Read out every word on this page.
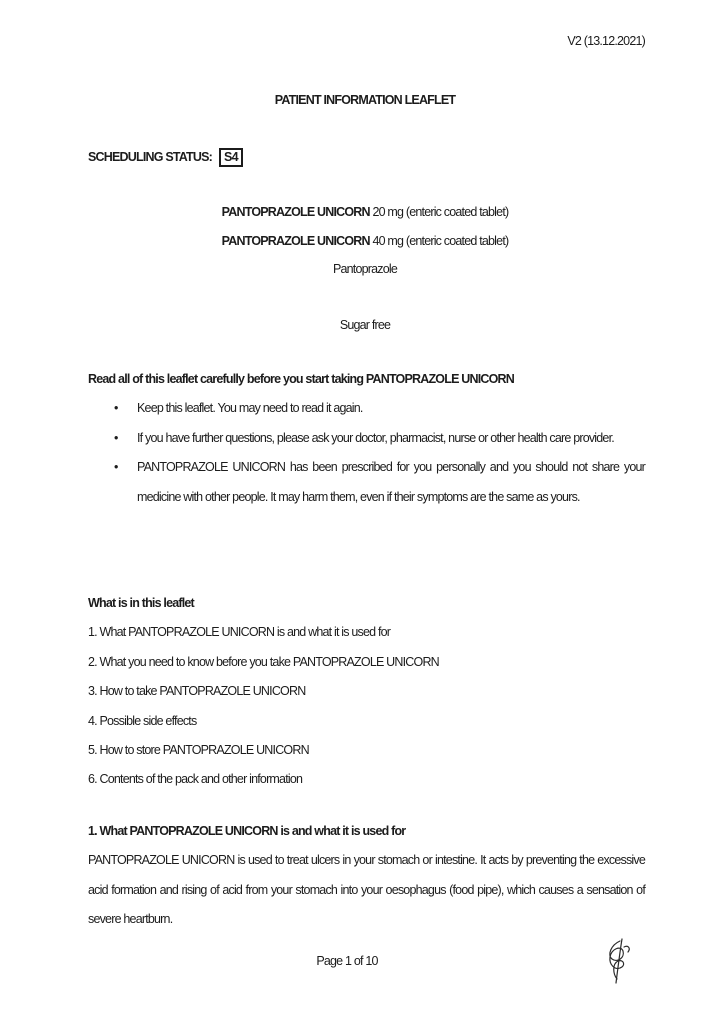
V2 (13.12.2021)
PATIENT INFORMATION LEAFLET
SCHEDULING STATUS: S4
PANTOPRAZOLE UNICORN 20 mg (enteric coated tablet)
PANTOPRAZOLE UNICORN 40 mg (enteric coated tablet)
Pantoprazole
Sugar free
Read all of this leaflet carefully before you start taking PANTOPRAZOLE UNICORN
• Keep this leaflet. You may need to read it again.
• If you have further questions, please ask your doctor, pharmacist, nurse or other health care provider.
• PANTOPRAZOLE UNICORN has been prescribed for you personally and you should not share your medicine with other people. It may harm them, even if their symptoms are the same as yours.
What is in this leaflet
1. What PANTOPRAZOLE UNICORN is and what it is used for
2. What you need to know before you take PANTOPRAZOLE UNICORN
3. How to take PANTOPRAZOLE UNICORN
4. Possible side effects
5. How to store PANTOPRAZOLE UNICORN
6. Contents of the pack and other information
1. What PANTOPRAZOLE UNICORN is and what it is used for
PANTOPRAZOLE UNICORN is used to treat ulcers in your stomach or intestine. It acts by preventing the excessive acid formation and rising of acid from your stomach into your oesophagus (food pipe), which causes a sensation of severe heartburn.
Page 1 of 10
